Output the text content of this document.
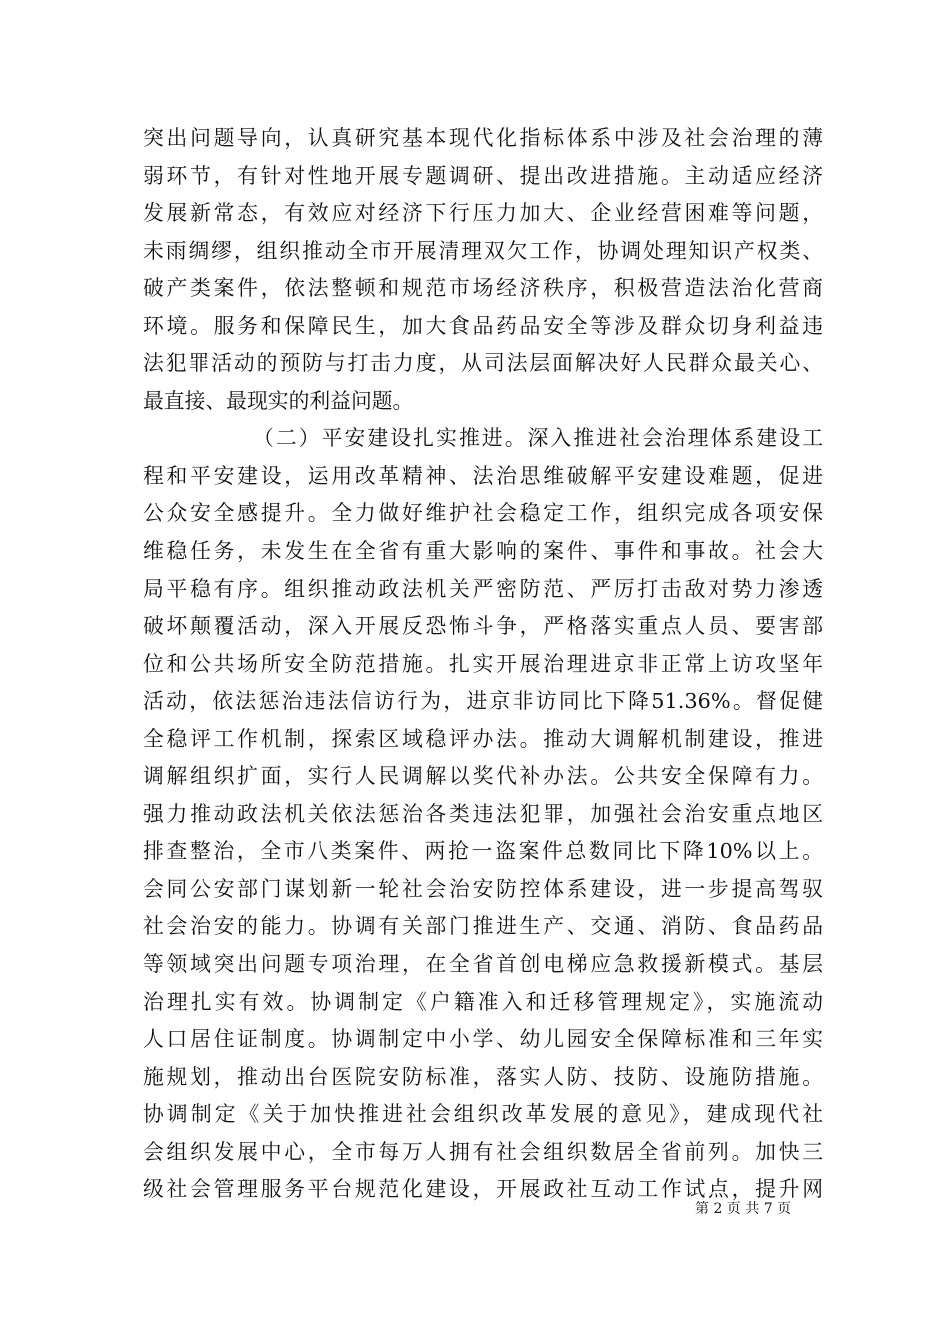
突出问题导向，认真研究基本现代化指标体系中涉及社会治理的薄
弱环节，有针对性地开展专题调研、提出改进措施。主动适应经济
发展新常态，有效应对经济下行压力加大、企业经营困难等问题，
未雨绸缪，组织推动全市开展清理双欠工作，协调处理知识产权类、
破产类案件，依法整顿和规范市场经济秩序，积极营造法治化营商
环境。服务和保障民生，加大食品药品安全等涉及群众切身利益违
法犯罪活动的预防与打击力度，从司法层面解决好人民群众最关心、
最直接、最现实的利益问题。
（二）平安建设扎实推进。深入推进社会治理体系建设工
程和平安建设，运用改革精神、法治思维破解平安建设难题，促进
公众安全感提升。全力做好维护社会稳定工作，组织完成各项安保
维稳任务，未发生在全省有重大影响的案件、事件和事故。社会大
局平稳有序。组织推动政法机关严密防范、严厉打击敌对势力渗透
破坏颠覆活动，深入开展反恐怖斗争，严格落实重点人员、要害部
位和公共场所安全防范措施。扎实开展治理进京非正常上访攻坚年
活动，依法惩治违法信访行为，进京非访同比下降51.36%。督促健
全稳评工作机制，探索区域稳评办法。推动大调解机制建设，推进
调解组织扩面，实行人民调解以奖代补办法。公共安全保障有力。
强力推动政法机关依法惩治各类违法犯罪，加强社会治安重点地区
排查整治，全市八类案件、两抢一盗案件总数同比下降10%以上。
会同公安部门谋划新一轮社会治安防控体系建设，进一步提高驾驭
社会治安的能力。协调有关部门推进生产、交通、消防、食品药品
等领域突出问题专项治理，在全省首创电梯应急救援新模式。基层
治理扎实有效。协调制定《户籍准入和迁移管理规定》，实施流动
人口居住证制度。协调制定中小学、幼儿园安全保障标准和三年实
施规划，推动出台医院安防标准，落实人防、技防、设施防措施。
协调制定《关于加快推进社会组织改革发展的意见》，建成现代社
会组织发展中心，全市每万人拥有社会组织数居全省前列。加快三
级社会管理服务平台规范化建设，开展政社互动工作试点，提升网
第 2 页 共 7 页
